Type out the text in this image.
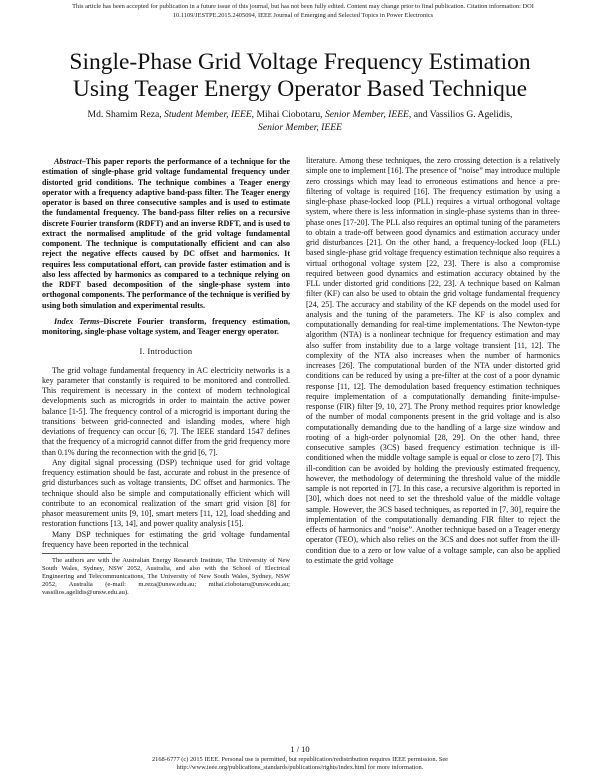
This article has been accepted for publication in a future issue of this journal, but has not been fully edited. Content may change prior to final publication. Citation information: DOI
10.1109/JESTPE.2015.2405094, IEEE Journal of Emerging and Selected Topics in Power Electronics
Single-Phase Grid Voltage Frequency Estimation
Using Teager Energy Operator Based Technique
Md. Shamim Reza, Student Member, IEEE, Mihai Ciobotaru, Senior Member, IEEE, and Vassilios G. Agelidis,
Senior Member, IEEE

Abstract–This paper reports the performance of a technique for the estimation of single-phase grid voltage fundamental frequency under distorted grid conditions. The technique combines a Teager energy operator with a frequency adaptive band-pass filter. The Teager energy operator is based on three consecutive samples and is used to estimate the fundamental frequency. The band-pass filter relies on a recursive discrete Fourier transform (RDFT) and an inverse RDFT, and is used to extract the normalised amplitude of the grid voltage fundamental component. The technique is computationally efficient and can also reject the negative effects caused by DC offset and harmonics. It requires less computational effort, can provide faster estimation and is also less affected by harmonics as compared to a technique relying on the RDFT based decomposition of the single-phase system into orthogonal components. The performance of the technique is verified by using both simulation and experimental results.

Index Terms–Discrete Fourier transform, frequency estimation, monitoring, single-phase voltage system, and Teager energy operator.

I. Introduction

The grid voltage fundamental frequency in AC electricity networks is a key parameter that constantly is required to be monitored and controlled. This requirement is necessary in the context of modern technological developments such as microgrids in order to maintain the active power balance [1-5]. The frequency control of a microgrid is important during the transitions between grid-connected and islanding modes, where high deviations of frequency can occur [6, 7]. The IEEE standard 1547 defines that the frequency of a microgrid cannot differ from the grid frequency more than 0.1% during the reconnection with the grid [6, 7].

Any digital signal processing (DSP) technique used for grid voltage frequency estimation should be fast, accurate and robust in the presence of grid disturbances such as voltage transients, DC offset and harmonics. The technique should also be simple and computationally efficient which will contribute to an economical realization of the smart grid vision [8] for phasor measurement units [9, 10], smart meters [11, 12], load shedding and restoration functions [13, 14], and power quality analysis [15].

Many DSP techniques for estimating the grid voltage fundamental frequency have been reported in the technical

The authors are with the Australian Energy Research Institute, The University of New South Wales, Sydney, NSW 2052, Australia, and also with the School of Electrical Engineering and Telecommunications, The University of New South Wales, Sydney, NSW 2052, Australia (e-mail: m.reza@unsw.edu.au; mihai.ciobotaru@unsw.edu.au; vassilios.agelidis@unsw.edu.au).

literature. Among these techniques, the zero crossing detection is a relatively simple one to implement [16]. The presence of “noise” may introduce multiple zero crossings which may lead to erroneous estimations and hence a pre-filtering of voltage is required [16]. The frequency estimation by using a single-phase phase-locked loop (PLL) requires a virtual orthogonal voltage system, where there is less information in single-phase systems than in three-phase ones [17-20]. The PLL also requires an optimal tuning of the parameters to obtain a trade-off between good dynamics and estimation accuracy under grid disturbances [21]. On the other hand, a frequency-locked loop (FLL) based single-phase grid voltage frequency estimation technique also requires a virtual orthogonal voltage system [22, 23]. There is also a compromise required between good dynamics and estimation accuracy obtained by the FLL under distorted grid conditions [22, 23]. A technique based on Kalman filter (KF) can also be used to obtain the grid voltage fundamental frequency [24, 25]. The accuracy and stability of the KF depends on the model used for analysis and the tuning of the parameters. The KF is also complex and computationally demanding for real-time implementations. The Newton-type algorithm (NTA) is a nonlinear technique for frequency estimation and may also suffer from instability due to a large voltage transient [11, 12]. The complexity of the NTA also increases when the number of harmonics increases [26]. The computational burden of the NTA under distorted grid conditions can be reduced by using a pre-filter at the cost of a poor dynamic response [11, 12]. The demodulation based frequency estimation techniques require implementation of a computationally demanding finite-impulse-response (FIR) filter [9, 10, 27]. The Prony method requires prior knowledge of the number of modal components present in the grid voltage and is also computationally demanding due to the handling of a large size window and rooting of a high-order polynomial [28, 29]. On the other hand, three consecutive samples (3CS) based frequency estimation technique is ill-conditioned when the middle voltage sample is equal or close to zero [7]. This ill-condition can be avoided by holding the previously estimated frequency, however, the methodology of determining the threshold value of the middle sample is not reported in [7]. In this case, a recursive algorithm is reported in [30], which does not need to set the threshold value of the middle voltage sample. However, the 3CS based techniques, as reported in [7, 30], require the implementation of the computationally demanding FIR filter to reject the effects of harmonics and “noise”. Another technique based on a Teager energy operator (TEO), which also relies on the 3CS and does not suffer from the ill-condition due to a zero or low value of a voltage sample, can also be applied to estimate the grid voltage

1 / 10
2168-6777 (c) 2015 IEEE. Personal use is permitted, but republication/redistribution requires IEEE permission. See
http://www.ieee.org/publications_standards/publications/rights/index.html for more information.
